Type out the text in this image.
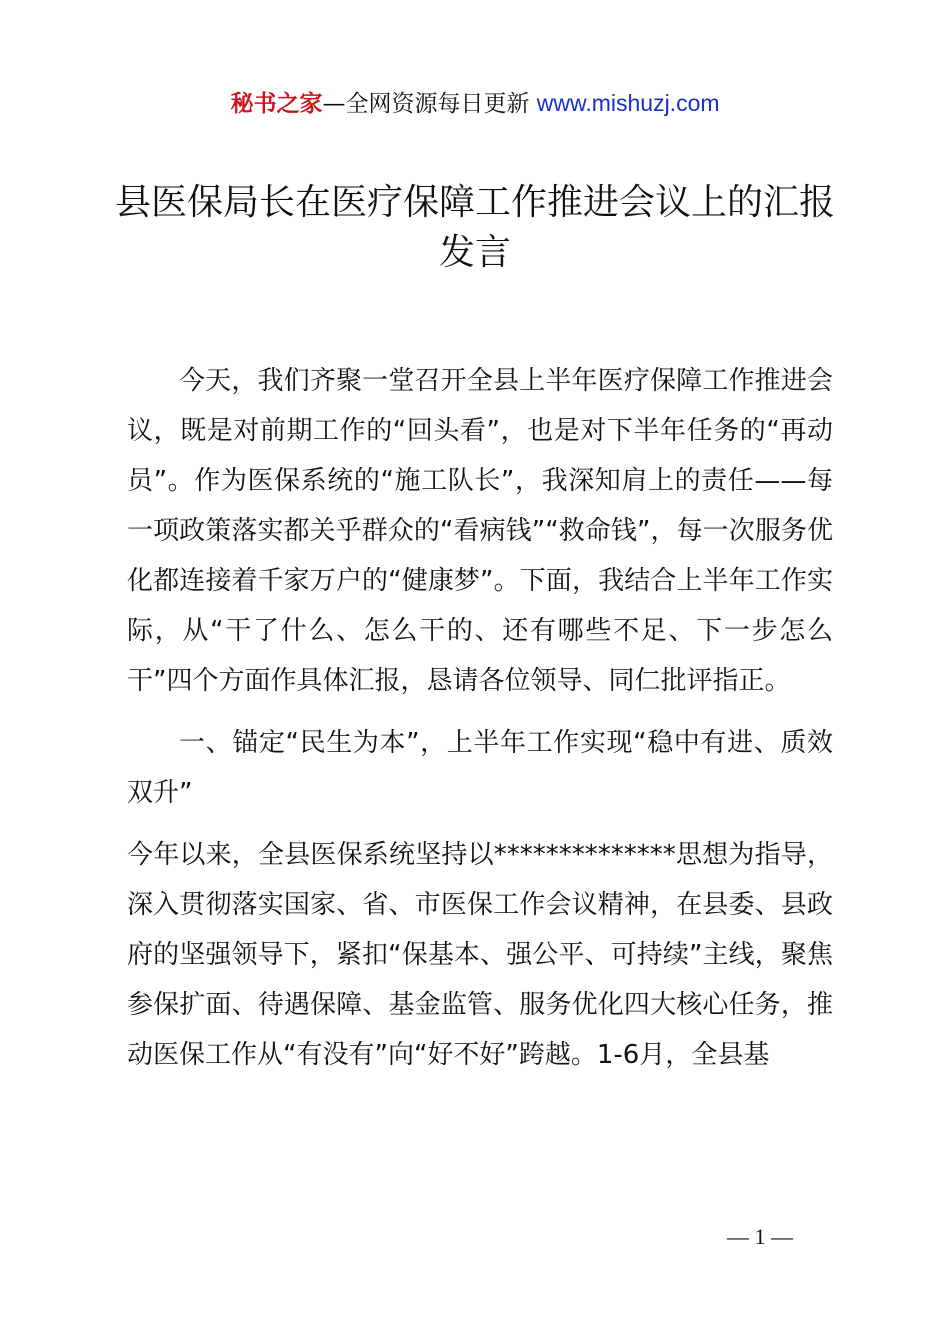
秘书之家—全网资源每日更新 www.mishuzj.com
县医保局长在医疗保障工作推进会议上的汇报发言

今天，我们齐聚一堂召开全县上半年医疗保障工作推进会议，既是对前期工作的“回头看”，也是对下半年任务的“再动员”。作为医保系统的“施工队长”，我深知肩上的责任——每一项政策落实都关乎群众的“看病钱”“救命钱”，每一次服务优化都连接着千家万户的“健康梦”。下面，我结合上半年工作实际，从“干了什么、怎么干的、还有哪些不足、下一步怎么干”四个方面作具体汇报，恳请各位领导、同仁批评指正。

一、锚定“民生为本”，上半年工作实现“稳中有进、质效双升”

今年以来，全县医保系统坚持以**************思想为指导，深入贯彻落实国家、省、市医保工作会议精神，在县委、县政府的坚强领导下，紧扣“保基本、强公平、可持续”主线，聚焦参保扩面、待遇保障、基金监管、服务优化四大核心任务，推动医保工作从“有没有”向“好不好”跨越。1-6月，全县基

— 1 —
